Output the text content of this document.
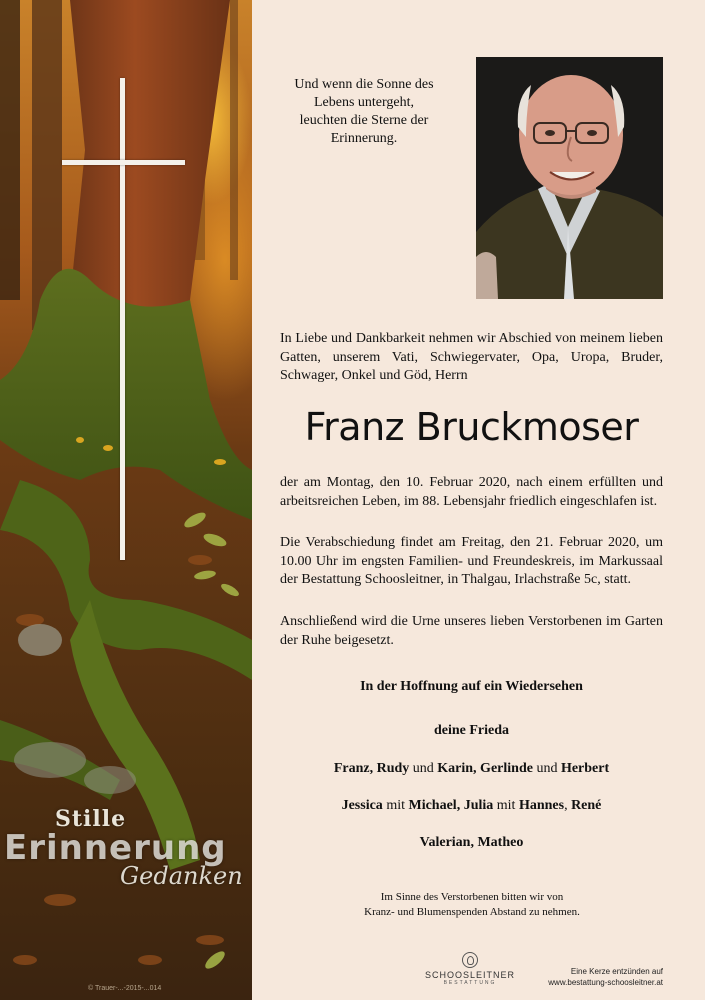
Stille
Erinnerung
Gedanken
© Trauer-...-2015-...014
Und wenn die Sonne des
Lebens untergeht,
leuchten die Sterne der
Erinnerung.
In Liebe und Dankbarkeit nehmen wir Abschied von meinem lieben Gatten, unserem Vati, Schwiegervater, Opa, Uropa, Bruder, Schwager, Onkel und Göd, Herrn
Franz Bruckmoser
der am Montag, den 10. Februar 2020, nach einem erfüllten und arbeitsreichen Leben, im 88. Lebensjahr friedlich eingeschlafen ist.
Die Verabschiedung findet am Freitag, den 21. Februar 2020, um 10.00 Uhr im engsten Familien- und Freundeskreis, im Markussaal der Bestattung Schoosleitner, in Thalgau, Irlachstraße 5c, statt.
Anschließend wird die Urne unseres lieben Verstorbenen im Garten der Ruhe beigesetzt.
In der Hoffnung auf ein Wiedersehen
deine Frieda
Franz, Rudy und Karin, Gerlinde und Herbert
Jessica mit Michael, Julia mit Hannes, René
Valerian, Matheo
Im Sinne des Verstorbenen bitten wir von
Kranz- und Blumenspenden Abstand zu nehmen.
SCHOOSLEITNER
BESTATTUNG
Eine Kerze entzünden auf
www.bestattung-schoosleitner.at
